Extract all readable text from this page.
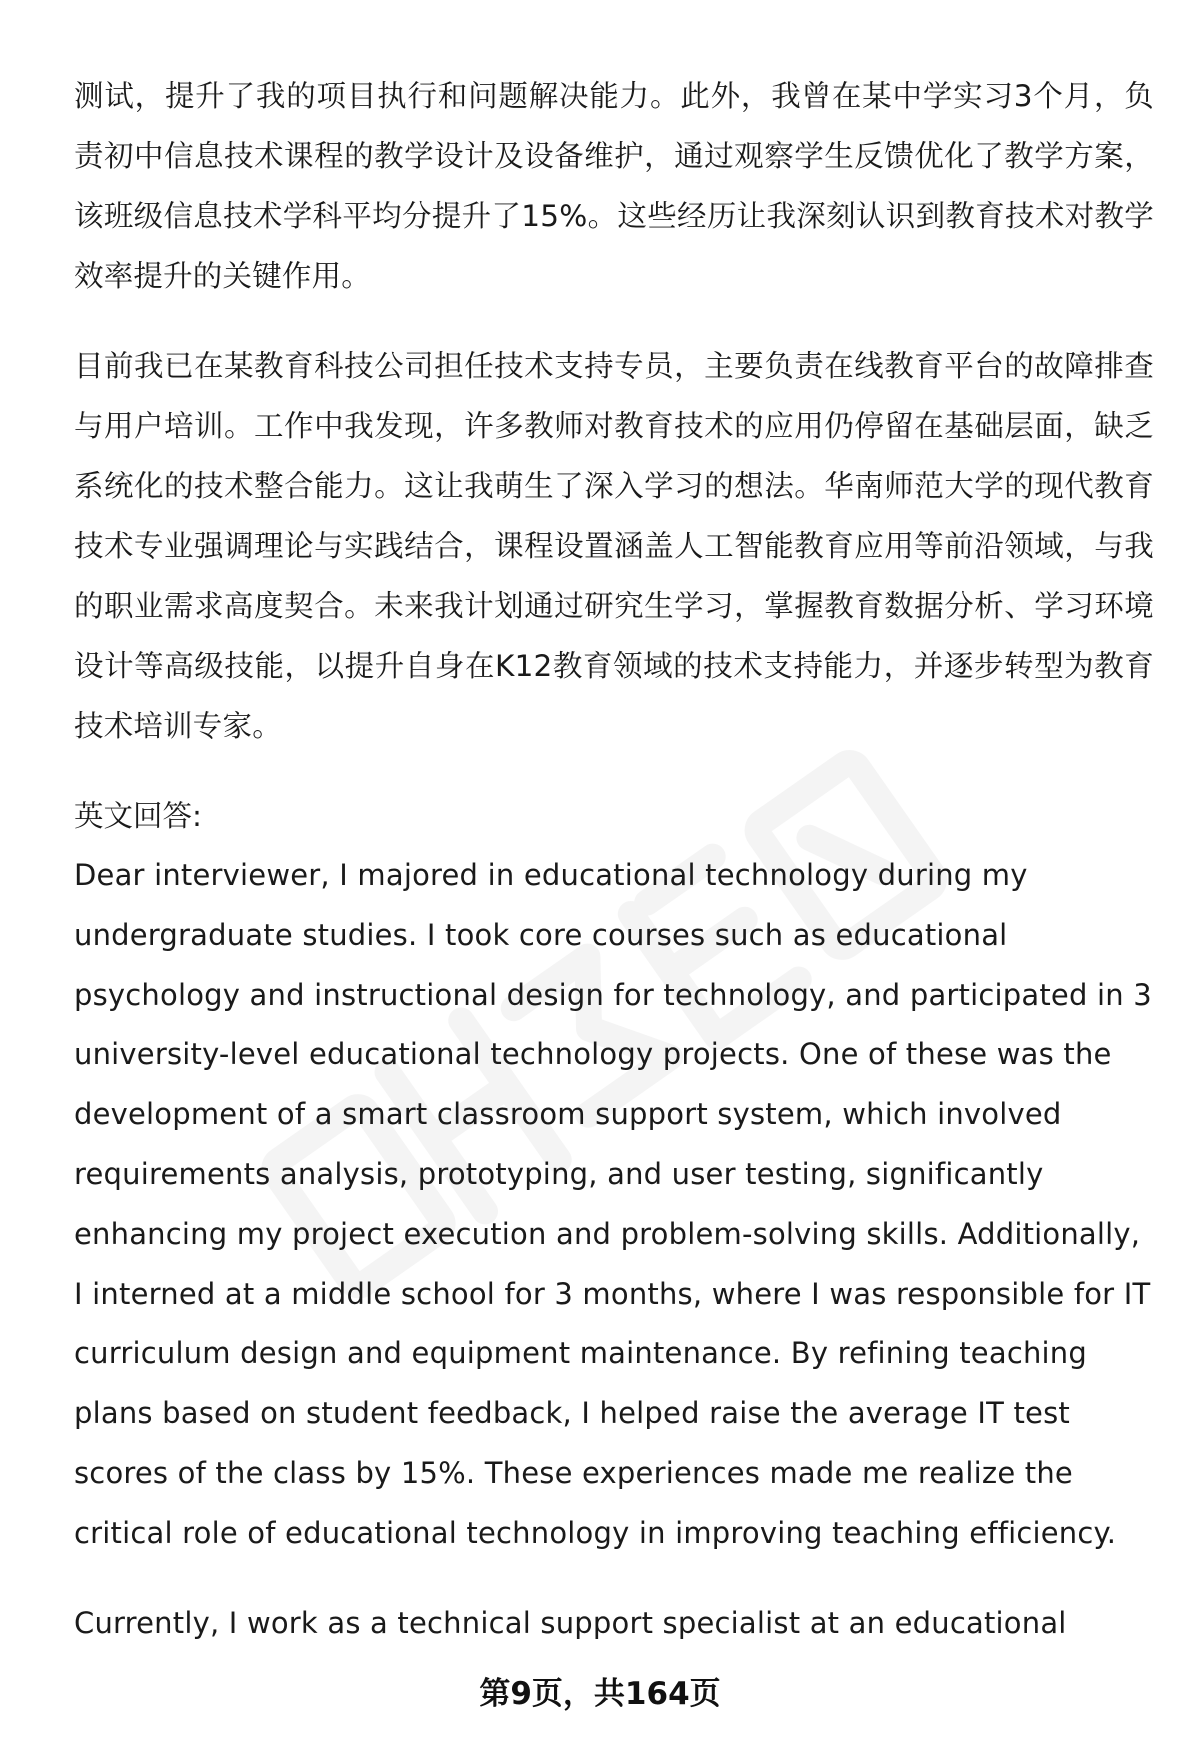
测试，提升了我的项目执行和问题解决能力。此外，我曾在某中学实习3个月，负责初中信息技术课程的教学设计及设备维护，通过观察学生反馈优化了教学方案，该班级信息技术学科平均分提升了15%。这些经历让我深刻认识到教育技术对教学效率提升的关键作用。

目前我已在某教育科技公司担任技术支持专员，主要负责在线教育平台的故障排查与用户培训。工作中我发现，许多教师对教育技术的应用仍停留在基础层面，缺乏系统化的技术整合能力。这让我萌生了深入学习的想法。华南师范大学的现代教育技术专业强调理论与实践结合，课程设置涵盖人工智能教育应用等前沿领域，与我的职业需求高度契合。未来我计划通过研究生学习，掌握教育数据分析、学习环境设计等高级技能，以提升自身在K12教育领域的技术支持能力，并逐步转型为教育技术培训专家。

英文回答:

Dear interviewer, I majored in educational technology during my undergraduate studies. I took core courses such as educational psychology and instructional design for technology, and participated in 3 university-level educational technology projects. One of these was the development of a smart classroom support system, which involved requirements analysis, prototyping, and user testing, significantly enhancing my project execution and problem-solving skills. Additionally, I interned at a middle school for 3 months, where I was responsible for IT curriculum design and equipment maintenance. By refining teaching plans based on student feedback, I helped raise the average IT test scores of the class by 15%. These experiences made me realize the critical role of educational technology in improving teaching efficiency.

Currently, I work as a technical support specialist at an educational

第9页，共164页
